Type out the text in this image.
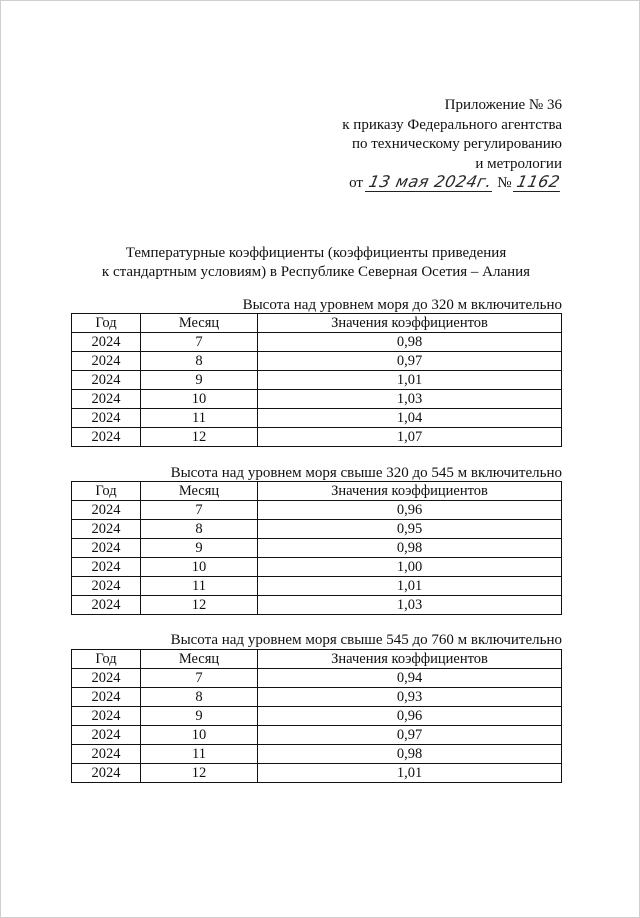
Приложение № 36
к приказу Федерального агентства
по техническому регулированию
и метрологии
от 13 мая 2024г. № 1162
Температурные коэффициенты (коэффициенты приведения
к стандартным условиям) в Республике Северная Осетия – Алания
Высота над уровнем моря до 320 м включительно
Год	Месяц	Значения коэффициентов
2024	7	0,98
2024	8	0,97
2024	9	1,01
2024	10	1,03
2024	11	1,04
2024	12	1,07
Высота над уровнем моря свыше 320 до 545 м включительно
Год	Месяц	Значения коэффициентов
2024	7	0,96
2024	8	0,95
2024	9	0,98
2024	10	1,00
2024	11	1,01
2024	12	1,03
Высота над уровнем моря свыше 545 до 760 м включительно
Год	Месяц	Значения коэффициентов
2024	7	0,94
2024	8	0,93
2024	9	0,96
2024	10	0,97
2024	11	0,98
2024	12	1,01
